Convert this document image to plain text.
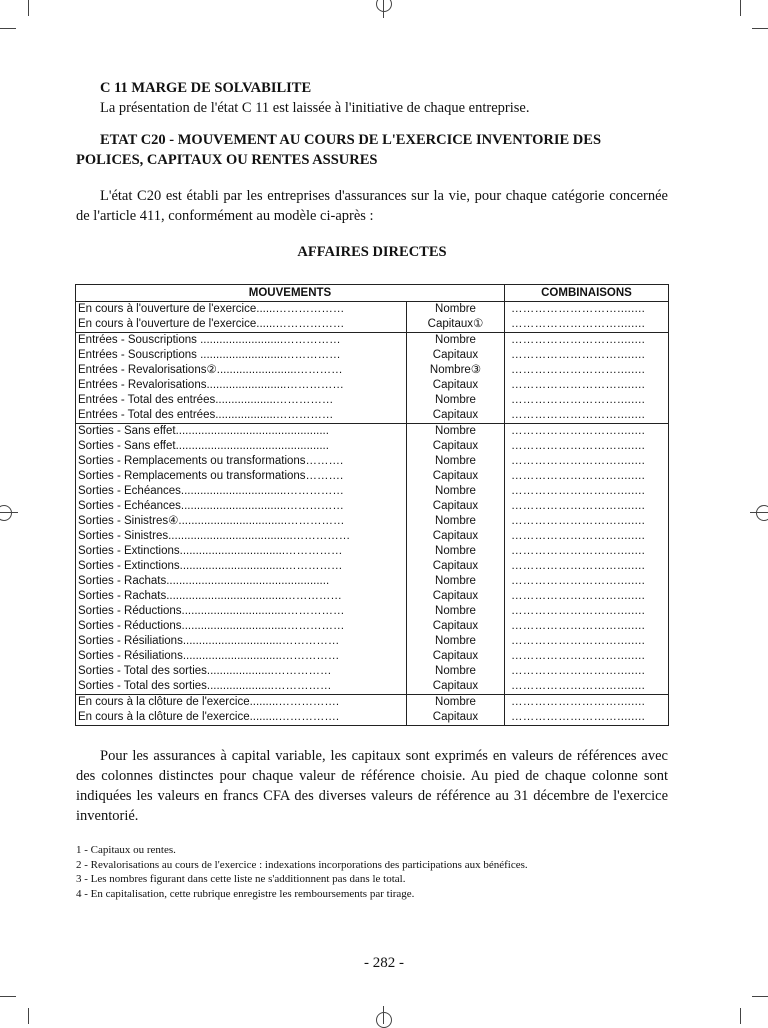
C 11 MARGE DE SOLVABILITE

La présentation de l'état C 11 est laissée à l'initiative de chaque entreprise.

ETAT C20 - MOUVEMENT AU COURS DE L'EXERCICE INVENTORIE DES POLICES, CAPITAUX OU RENTES ASSURES

L'état C20 est établi par les entreprises d'assurances sur la vie, pour chaque catégorie concernée de l'article 411, conformément au modèle ci-après :

AFFAIRES DIRECTES

MOUVEMENTS		COMBINAISONS
En cours à l'ouverture de l'exercice......………………	Nombre	………………………........
En cours à l'ouverture de l'exercice......………………	Capitaux①	………………………........
Entrées - Souscriptions ..........................……………	Nombre	………………………........
Entrées - Souscriptions ..........................……………	Capitaux	………………………........
Entrées - Revalorisations②.........................…………	Nombre③	………………………........
Entrées - Revalorisations.........................……………	Capitaux	………………………........
Entrées - Total des entrées...................……………	Nombre	………………………........
Entrées - Total des entrées...................……………	Capitaux	………………………........
Sorties - Sans effet................................................	Nombre	………………………........
Sorties - Sans effet................................................	Capitaux	………………………........
Sorties - Remplacements ou transformations……….	Nombre	………………………........
Sorties - Remplacements ou transformations……….	Capitaux	………………………........
Sorties - Echéances.................................……………	Nombre	………………………........
Sorties - Echéances.................................……………	Capitaux	………………………........
Sorties - Sinistres④..................................……………	Nombre	………………………........
Sorties - Sinistres.......................................……………	Capitaux	………………………........
Sorties - Extinctions.................................……………	Nombre	………………………........
Sorties - Extinctions.................................……………	Capitaux	………………………........
Sorties - Rachats...................................................	Nombre	………………………........
Sorties - Rachats.....................................……………	Capitaux	………………………........
Sorties - Réductions.................................……………	Nombre	………………………........
Sorties - Réductions.................................……………	Capitaux	………………………........
Sorties - Résiliations...............................……………	Nombre	………………………........
Sorties - Résiliations...............................……………	Capitaux	………………………........
Sorties - Total des sorties.....................……………	Nombre	………………………........
Sorties - Total des sorties.....................……………	Capitaux	………………………........
En cours à la clôture de l'exercice.........…………….	Nombre	………………………........
En cours à la clôture de l'exercice.........…………….	Capitaux	………………………........

Pour les assurances à capital variable, les capitaux sont exprimés en valeurs de références avec des colonnes distinctes pour chaque valeur de référence choisie. Au pied de chaque colonne sont indiquées les valeurs en francs CFA des diverses valeurs de référence au 31 décembre de l'exercice inventorié.

1 - Capitaux ou rentes.
2 - Revalorisations au cours de l'exercice : indexations incorporations des participations aux bénéfices.
3 - Les nombres figurant dans cette liste ne s'additionnent pas dans le total.
4 - En capitalisation, cette rubrique enregistre les remboursements par tirage.
- 282 -
